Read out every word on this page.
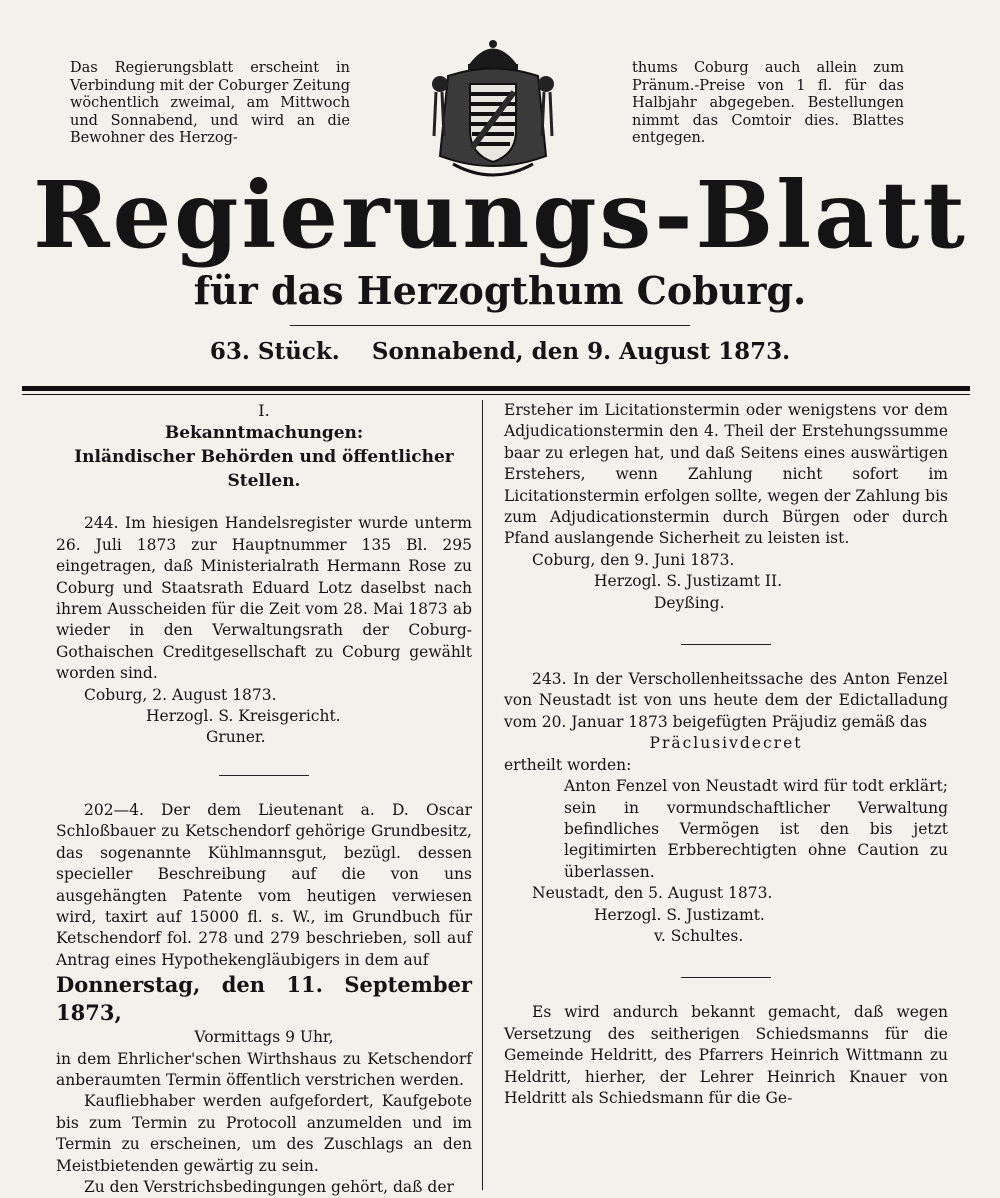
Das Regierungsblatt erscheint in Verbindung mit der Coburger Zeitung wöchentlich zweimal, am Mittwoch und Sonnabend, und wird an die Bewohner des Herzog-

thums Coburg auch allein zum Pränum.-Preise von 1 fl. für das Halbjahr abgegeben. Bestellungen nimmt das Comtoir dies. Blattes entgegen.

Regierungs-Blatt
für das Herzogthum Coburg.
63. Stück. Sonnabend, den 9. August 1873.

I.

Bekanntmachungen:

Inländischer Behörden und öffentlicher Stellen.

244. Im hiesigen Handelsregister wurde unterm 26. Juli 1873 zur Hauptnummer 135 Bl. 295 eingetragen, daß Ministerialrath Hermann Rose zu Coburg und Staatsrath Eduard Lotz daselbst nach ihrem Ausscheiden für die Zeit vom 28. Mai 1873 ab wieder in den Verwaltungsrath der Coburg-Gothaischen Creditgesellschaft zu Coburg gewählt worden sind.

Coburg, 2. August 1873.

Herzogl. S. Kreisgericht.

Gruner.

202—4. Der dem Lieutenant a. D. Oscar Schloßbauer zu Ketschendorf gehörige Grundbesitz, das sogenannte Kühlmannsgut, bezügl. dessen specieller Beschreibung auf die von uns ausgehängten Patente vom heutigen verwiesen wird, taxirt auf 15000 fl. s. W., im Grundbuch für Ketschendorf fol. 278 und 279 beschrieben, soll auf Antrag eines Hypothekengläubigers in dem auf

Donnerstag, den 11. September 1873,

Vormittags 9 Uhr,

in dem Ehrlicher'schen Wirthshaus zu Ketschendorf anberaumten Termin öffentlich verstrichen werden.

Kaufliebhaber werden aufgefordert, Kaufgebote bis zum Termin zu Protocoll anzumelden und im Termin zu erscheinen, um des Zuschlags an den Meistbietenden gewärtig zu sein.

Zu den Verstrichsbedingungen gehört, daß der

Ersteher im Licitationstermin oder wenigstens vor dem Adjudicationstermin den 4. Theil der Erstehungssumme baar zu erlegen hat, und daß Seitens eines auswärtigen Erstehers, wenn Zahlung nicht sofort im Licitationstermin erfolgen sollte, wegen der Zahlung bis zum Adjudicationstermin durch Bürgen oder durch Pfand auslangende Sicherheit zu leisten ist.

Coburg, den 9. Juni 1873.

Herzogl. S. Justizamt II.

Deyßing.

243. In der Verschollenheitssache des Anton Fenzel von Neustadt ist von uns heute dem der Edictalladung vom 20. Januar 1873 beigefügten Präjudiz gemäß das

Präclusivdecret

ertheilt worden:

Anton Fenzel von Neustadt wird für todt erklärt; sein in vormundschaftlicher Verwaltung befindliches Vermögen ist den bis jetzt legitimirten Erbberechtigten ohne Caution zu überlassen.

Neustadt, den 5. August 1873.

Herzogl. S. Justizamt.

v. Schultes.

Es wird andurch bekannt gemacht, daß wegen Versetzung des seitherigen Schiedsmanns für die Gemeinde Heldritt, des Pfarrers Heinrich Wittmann zu Heldritt, hierher, der Lehrer Heinrich Knauer von Heldritt als Schiedsmann für die Ge-
